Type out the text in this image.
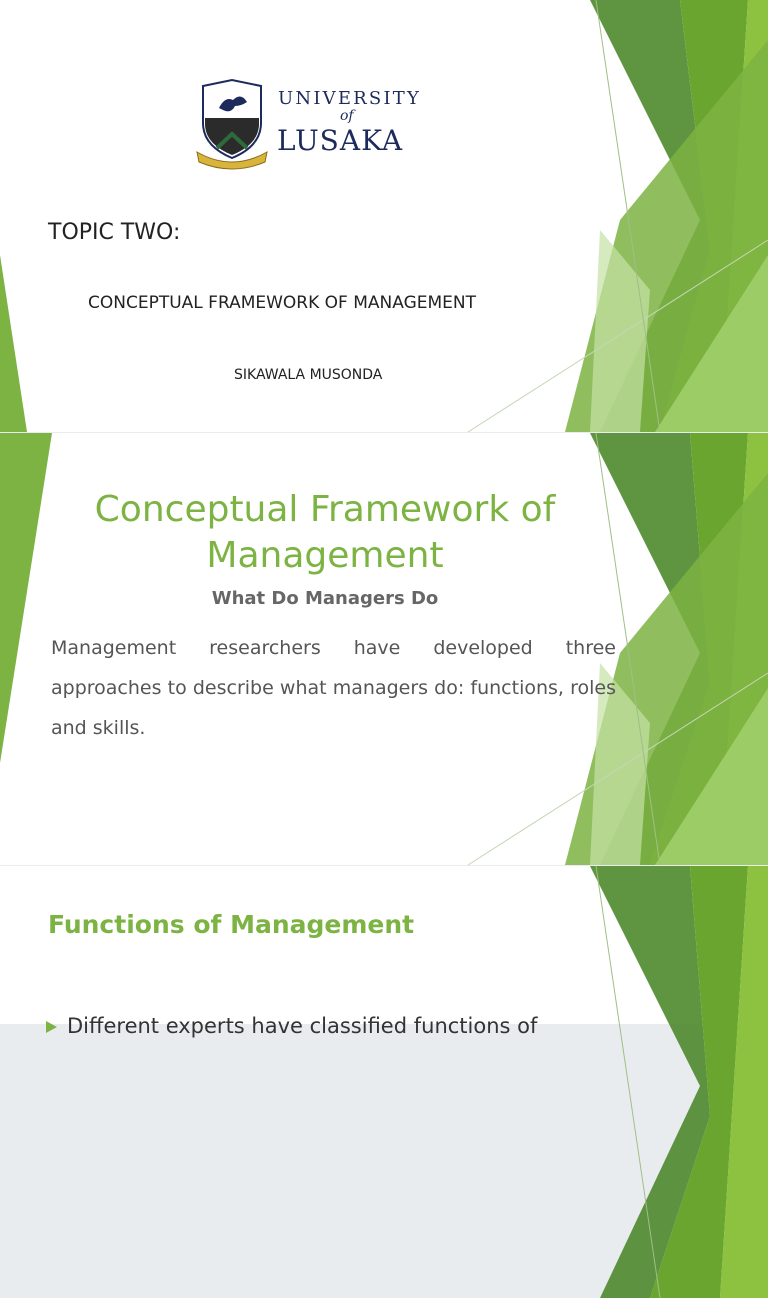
UNIVERSITY
of
LUSAKA
TOPIC TWO:
CONCEPTUAL FRAMEWORK OF MANAGEMENT
SIKAWALA MUSONDA
Conceptual Framework of
Management
What Do Managers Do
Management researchers have developed three approaches to describe what managers do: functions, roles and skills.
Functions of Management
Different experts have classified functions of
